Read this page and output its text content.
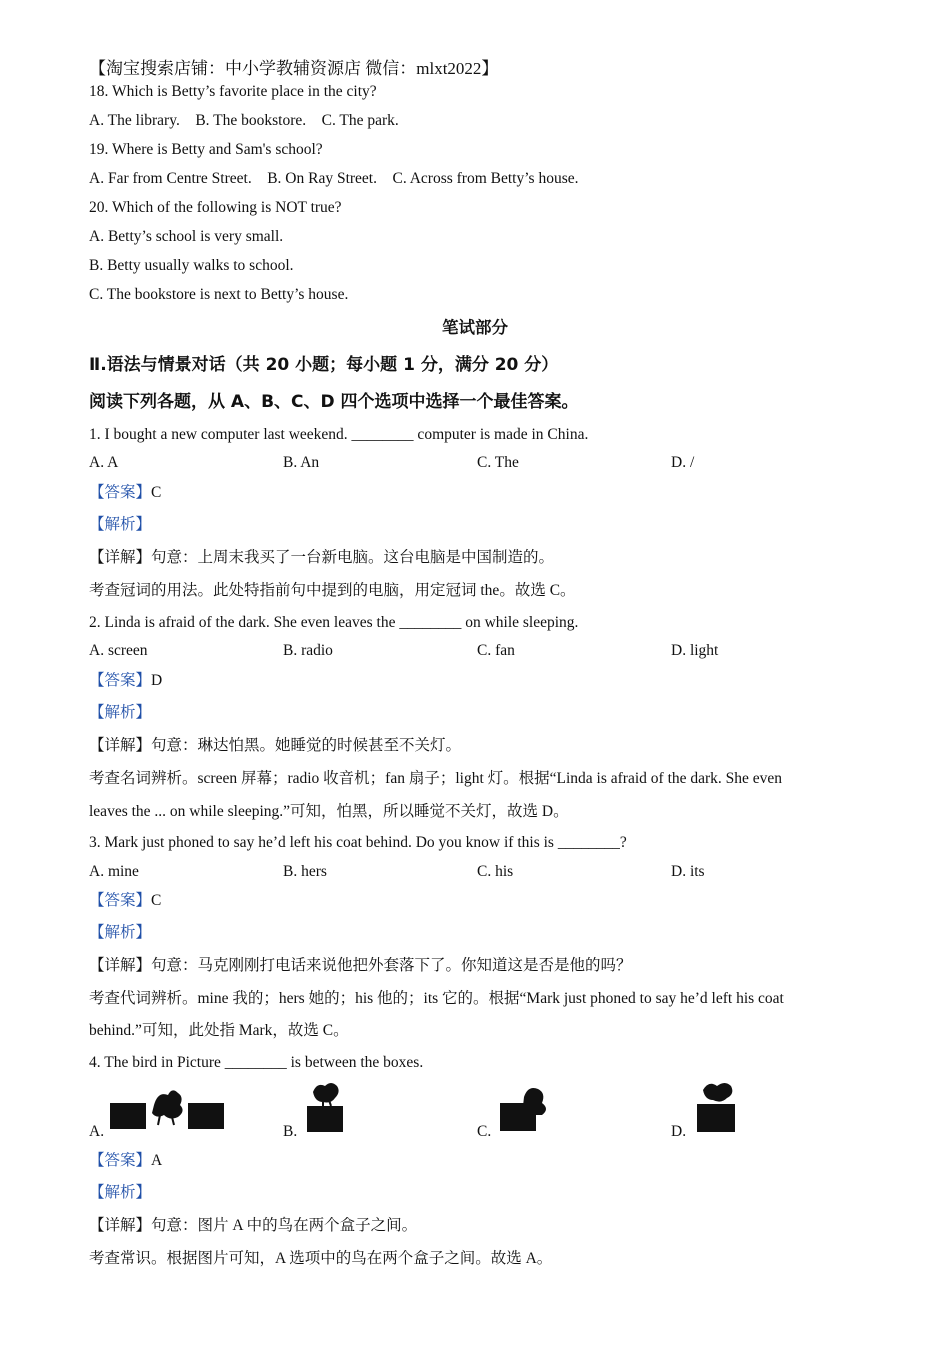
【淘宝搜索店铺：中小学教辅资源店 微信：mlxt2022】
18. Which is Betty’s favorite place in the city?
A. The library.    B. The bookstore.    C. The park.
19. Where is Betty and Sam's school?
A. Far from Centre Street.    B. On Ray Street.    C. Across from Betty’s house.
20. Which of the following is NOT true?
A. Betty’s school is very small.
B. Betty usually walks to school.
C. The bookstore is next to Betty’s house.
笔试部分
Ⅱ.语法与情景对话（共 20 小题；每小题 1 分，满分 20 分）
阅读下列各题，从 A、B、C、D 四个选项中选择一个最佳答案。
1. I bought a new computer last weekend. ________ computer is made in China.
A. A	B. An	C. The	D. /
【答案】C
【解析】
【详解】句意：上周末我买了一台新电脑。这台电脑是中国制造的。
考查冠词的用法。此处特指前句中提到的电脑，用定冠词 the。故选 C。
2. Linda is afraid of the dark. She even leaves the ________ on while sleeping.
A. screen	B. radio	C. fan	D. light
【答案】D
【解析】
【详解】句意：琳达怕黑。她睡觉的时候甚至不关灯。
考查名词辨析。screen 屏幕；radio 收音机；fan 扇子；light 灯。根据“Linda is afraid of the dark. She even
leaves the ... on while sleeping.”可知，怕黑，所以睡觉不关灯，故选 D。
3. Mark just phoned to say he’d left his coat behind. Do you know if this is ________?
A. mine	B. hers	C. his	D. its
【答案】C
【解析】
【详解】句意：马克刚刚打电话来说他把外套落下了。你知道这是否是他的吗？
考查代词辨析。mine 我的；hers 她的；his 他的；its 它的。根据“Mark just phoned to say he’d left his coat
behind.”可知，此处指 Mark，故选 C。
4. The bird in Picture ________ is between the boxes.
A.	B.	C.	D.
【答案】A
【解析】
【详解】句意：图片 A 中的鸟在两个盒子之间。
考查常识。根据图片可知，A 选项中的鸟在两个盒子之间。故选 A。
